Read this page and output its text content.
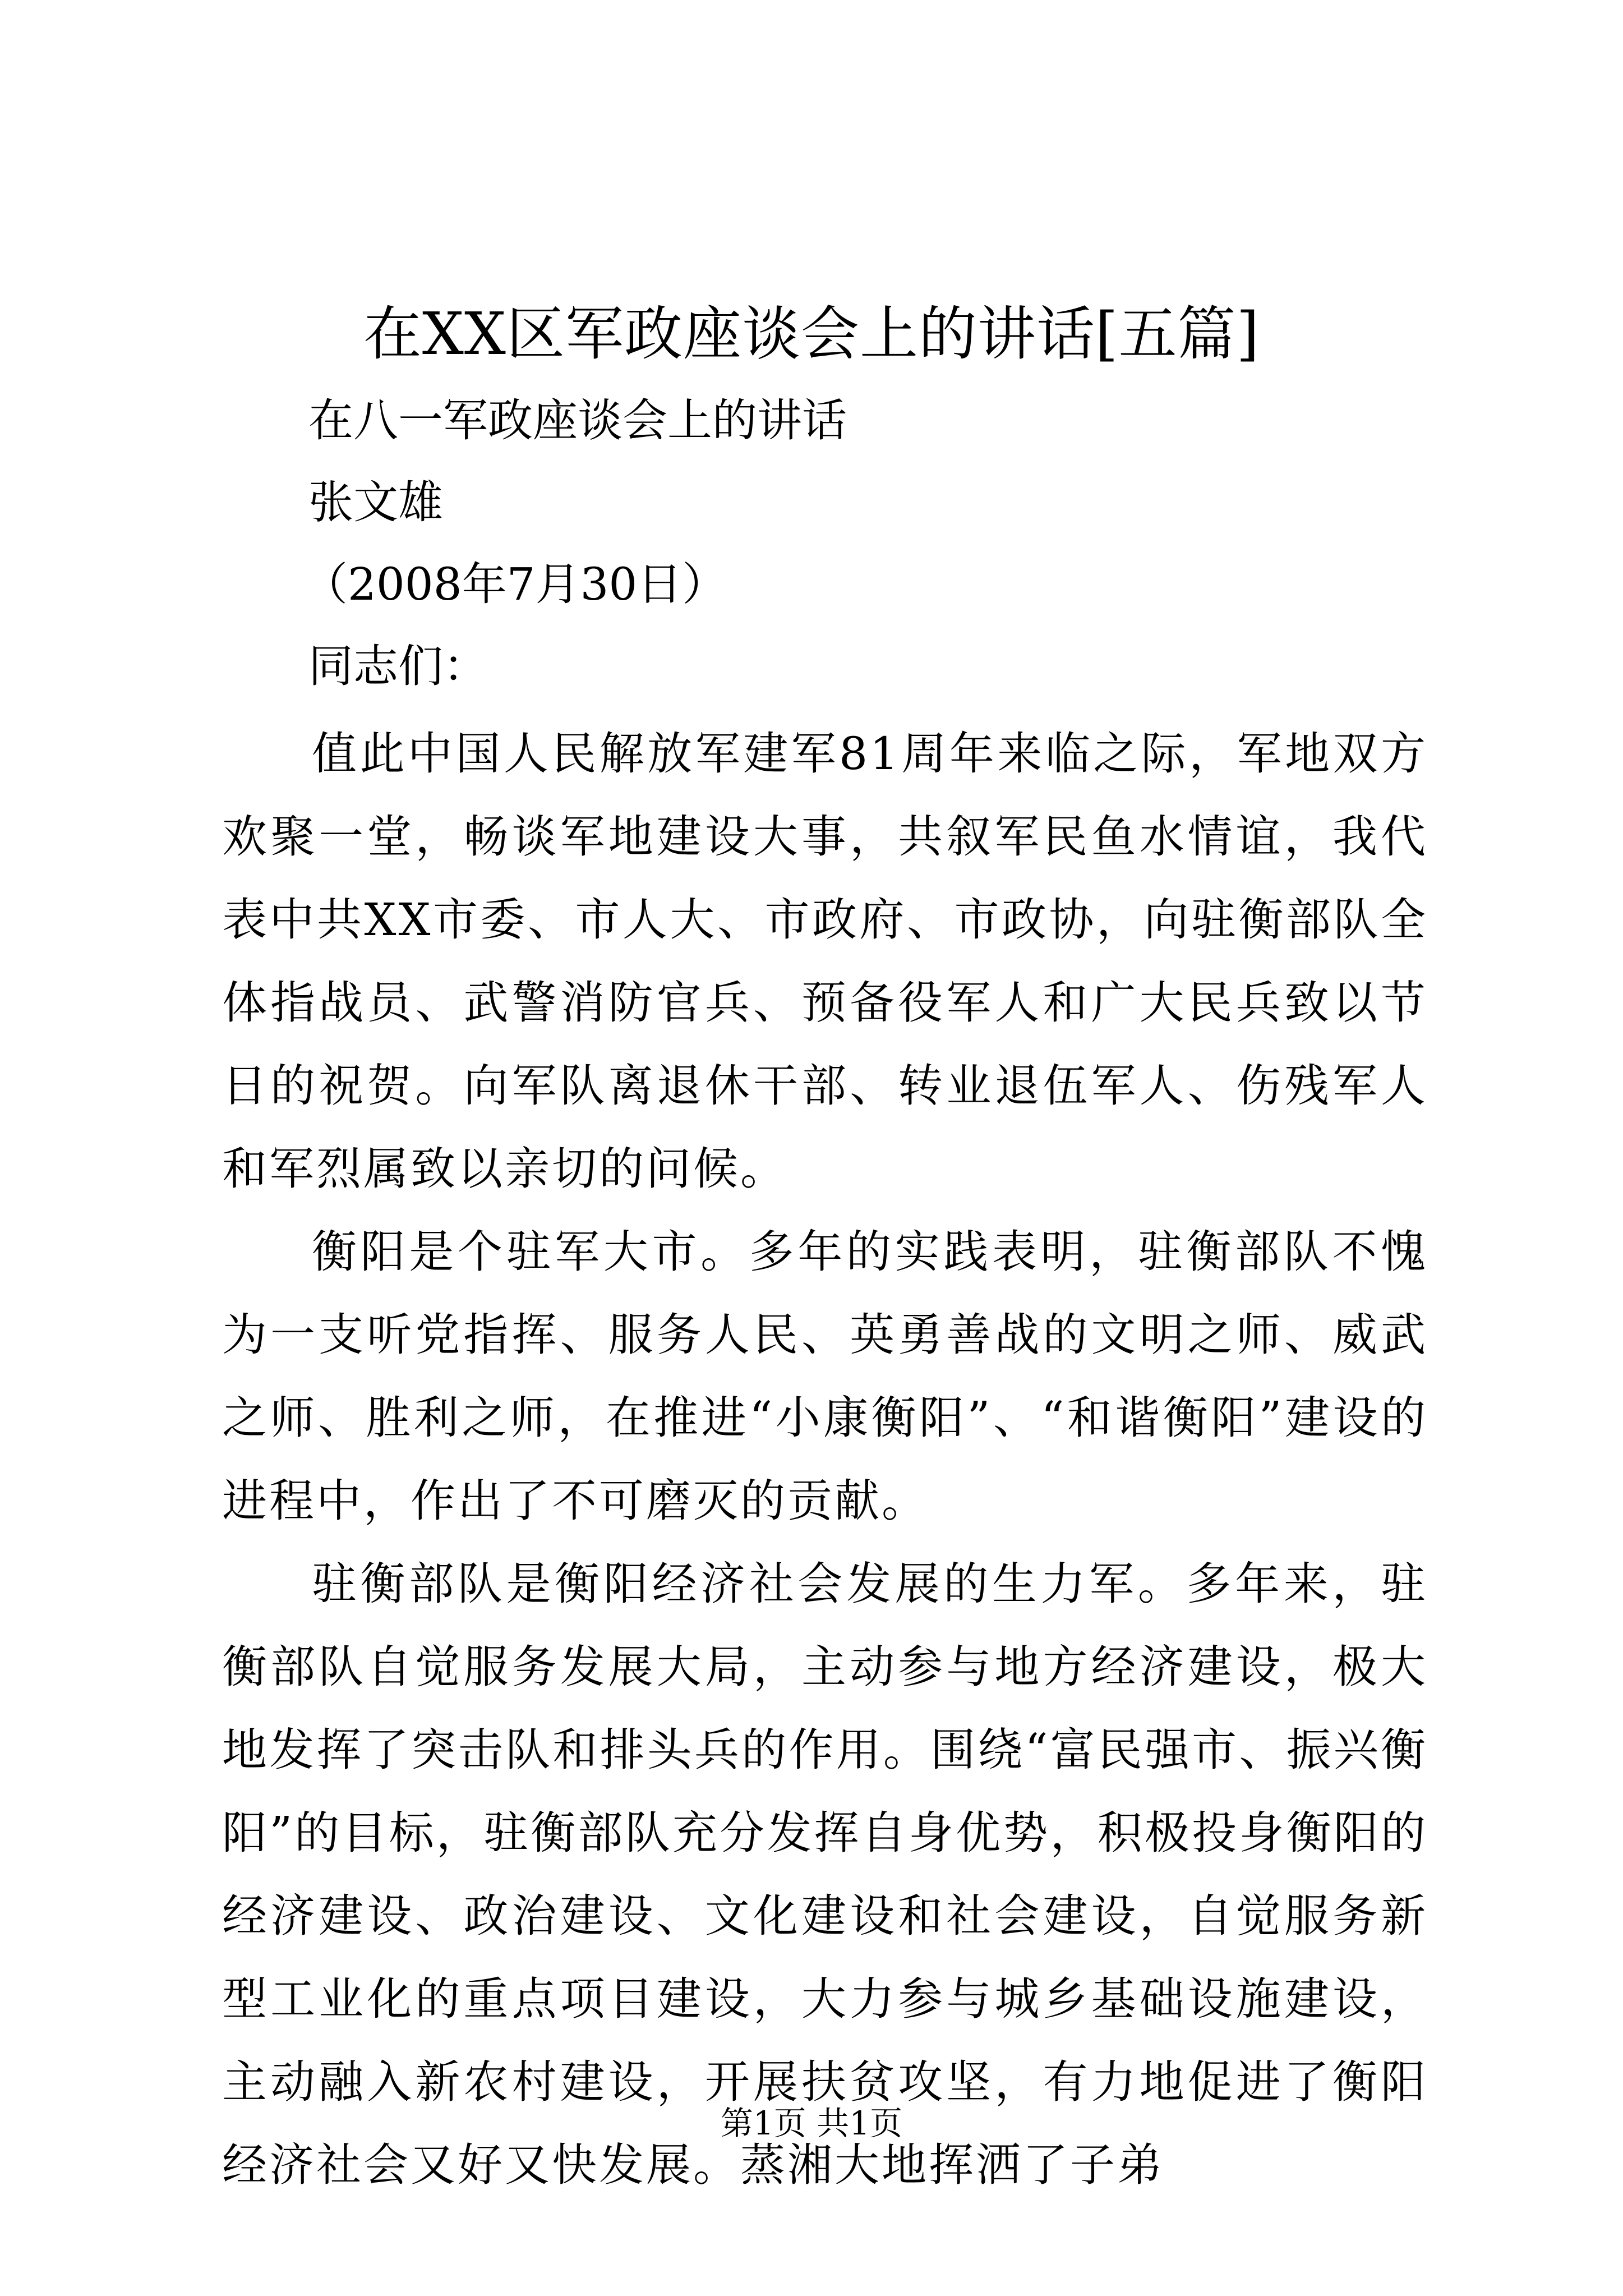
在XX区军政座谈会上的讲话[五篇]

在八一军政座谈会上的讲话

张文雄

（2008年7月30日）

同志们：

值此中国人民解放军建军81周年来临之际，军地双方欢聚一堂，畅谈军地建设大事，共叙军民鱼水情谊，我代表中共XX市委、市人大、市政府、市政协，向驻衡部队全体指战员、武警消防官兵、预备役军人和广大民兵致以节日的祝贺。向军队离退休干部、转业退伍军人、伤残军人和军烈属致以亲切的问候。

衡阳是个驻军大市。多年的实践表明，驻衡部队不愧为一支听党指挥、服务人民、英勇善战的文明之师、威武之师、胜利之师，在推进“小康衡阳”、“和谐衡阳”建设的进程中，作出了不可磨灭的贡献。

驻衡部队是衡阳经济社会发展的生力军。多年来，驻衡部队自觉服务发展大局，主动参与地方经济建设，极大地发挥了突击队和排头兵的作用。围绕“富民强市、振兴衡阳”的目标，驻衡部队充分发挥自身优势，积极投身衡阳的经济建设、政治建设、文化建设和社会建设，自觉服务新型工业化的重点项目建设，大力参与城乡基础设施建设，主动融入新农村建设，开展扶贫攻坚，有力地促进了衡阳经济社会又好又快发展。蒸湘大地挥洒了子弟

第1页 共1页
